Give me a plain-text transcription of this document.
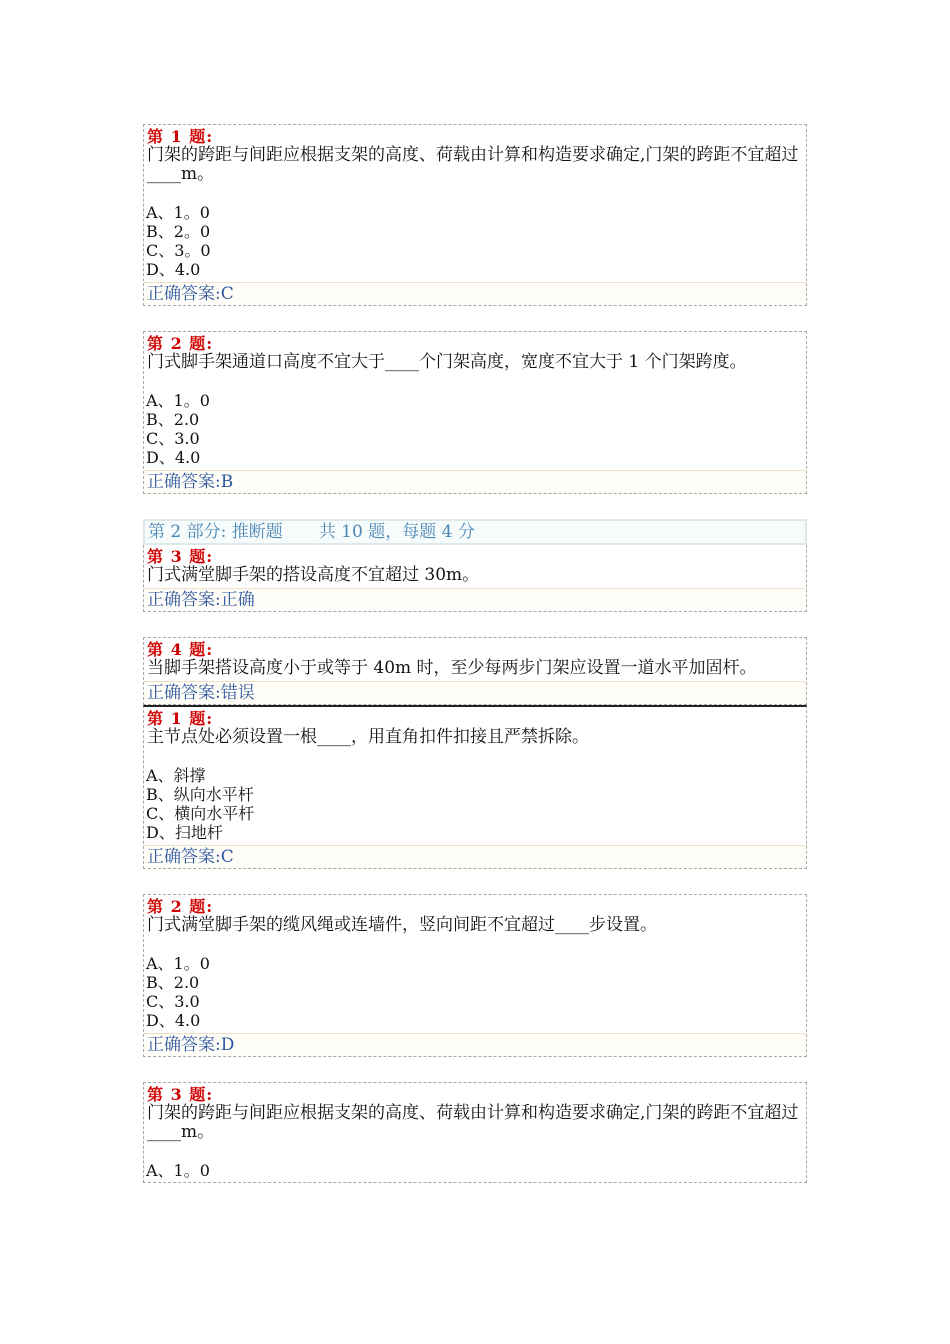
第 1 题:
门架的跨距与间距应根据支架的高度、荷载由计算和构造要求确定,门架的跨距不宜超过____m。
A、1。0
B、2。0
C、3。0
D、4.0
正确答案:C
第 2 题:
门式脚手架通道口高度不宜大于____个门架高度，宽度不宜大于 1 个门架跨度。
A、1。0
B、2.0
C、3.0
D、4.0
正确答案:B
第 2 部分: 推断题 共 10 题，每题 4 分
第 3 题:
门式满堂脚手架的搭设高度不宜超过 30m。
正确答案:正确
第 4 题:
当脚手架搭设高度小于或等于 40m 时，至少每两步门架应设置一道水平加固杆。
正确答案:错误
第 1 题:
主节点处必须设置一根____，用直角扣件扣接且严禁拆除。
A、斜撑
B、纵向水平杆
C、横向水平杆
D、扫地杆
正确答案:C
第 2 题:
门式满堂脚手架的缆风绳或连墙件，竖向间距不宜超过____步设置。
A、1。0
B、2.0
C、3.0
D、4.0
正确答案:D
第 3 题:
门架的跨距与间距应根据支架的高度、荷载由计算和构造要求确定,门架的跨距不宜超过____m。
A、1。0
